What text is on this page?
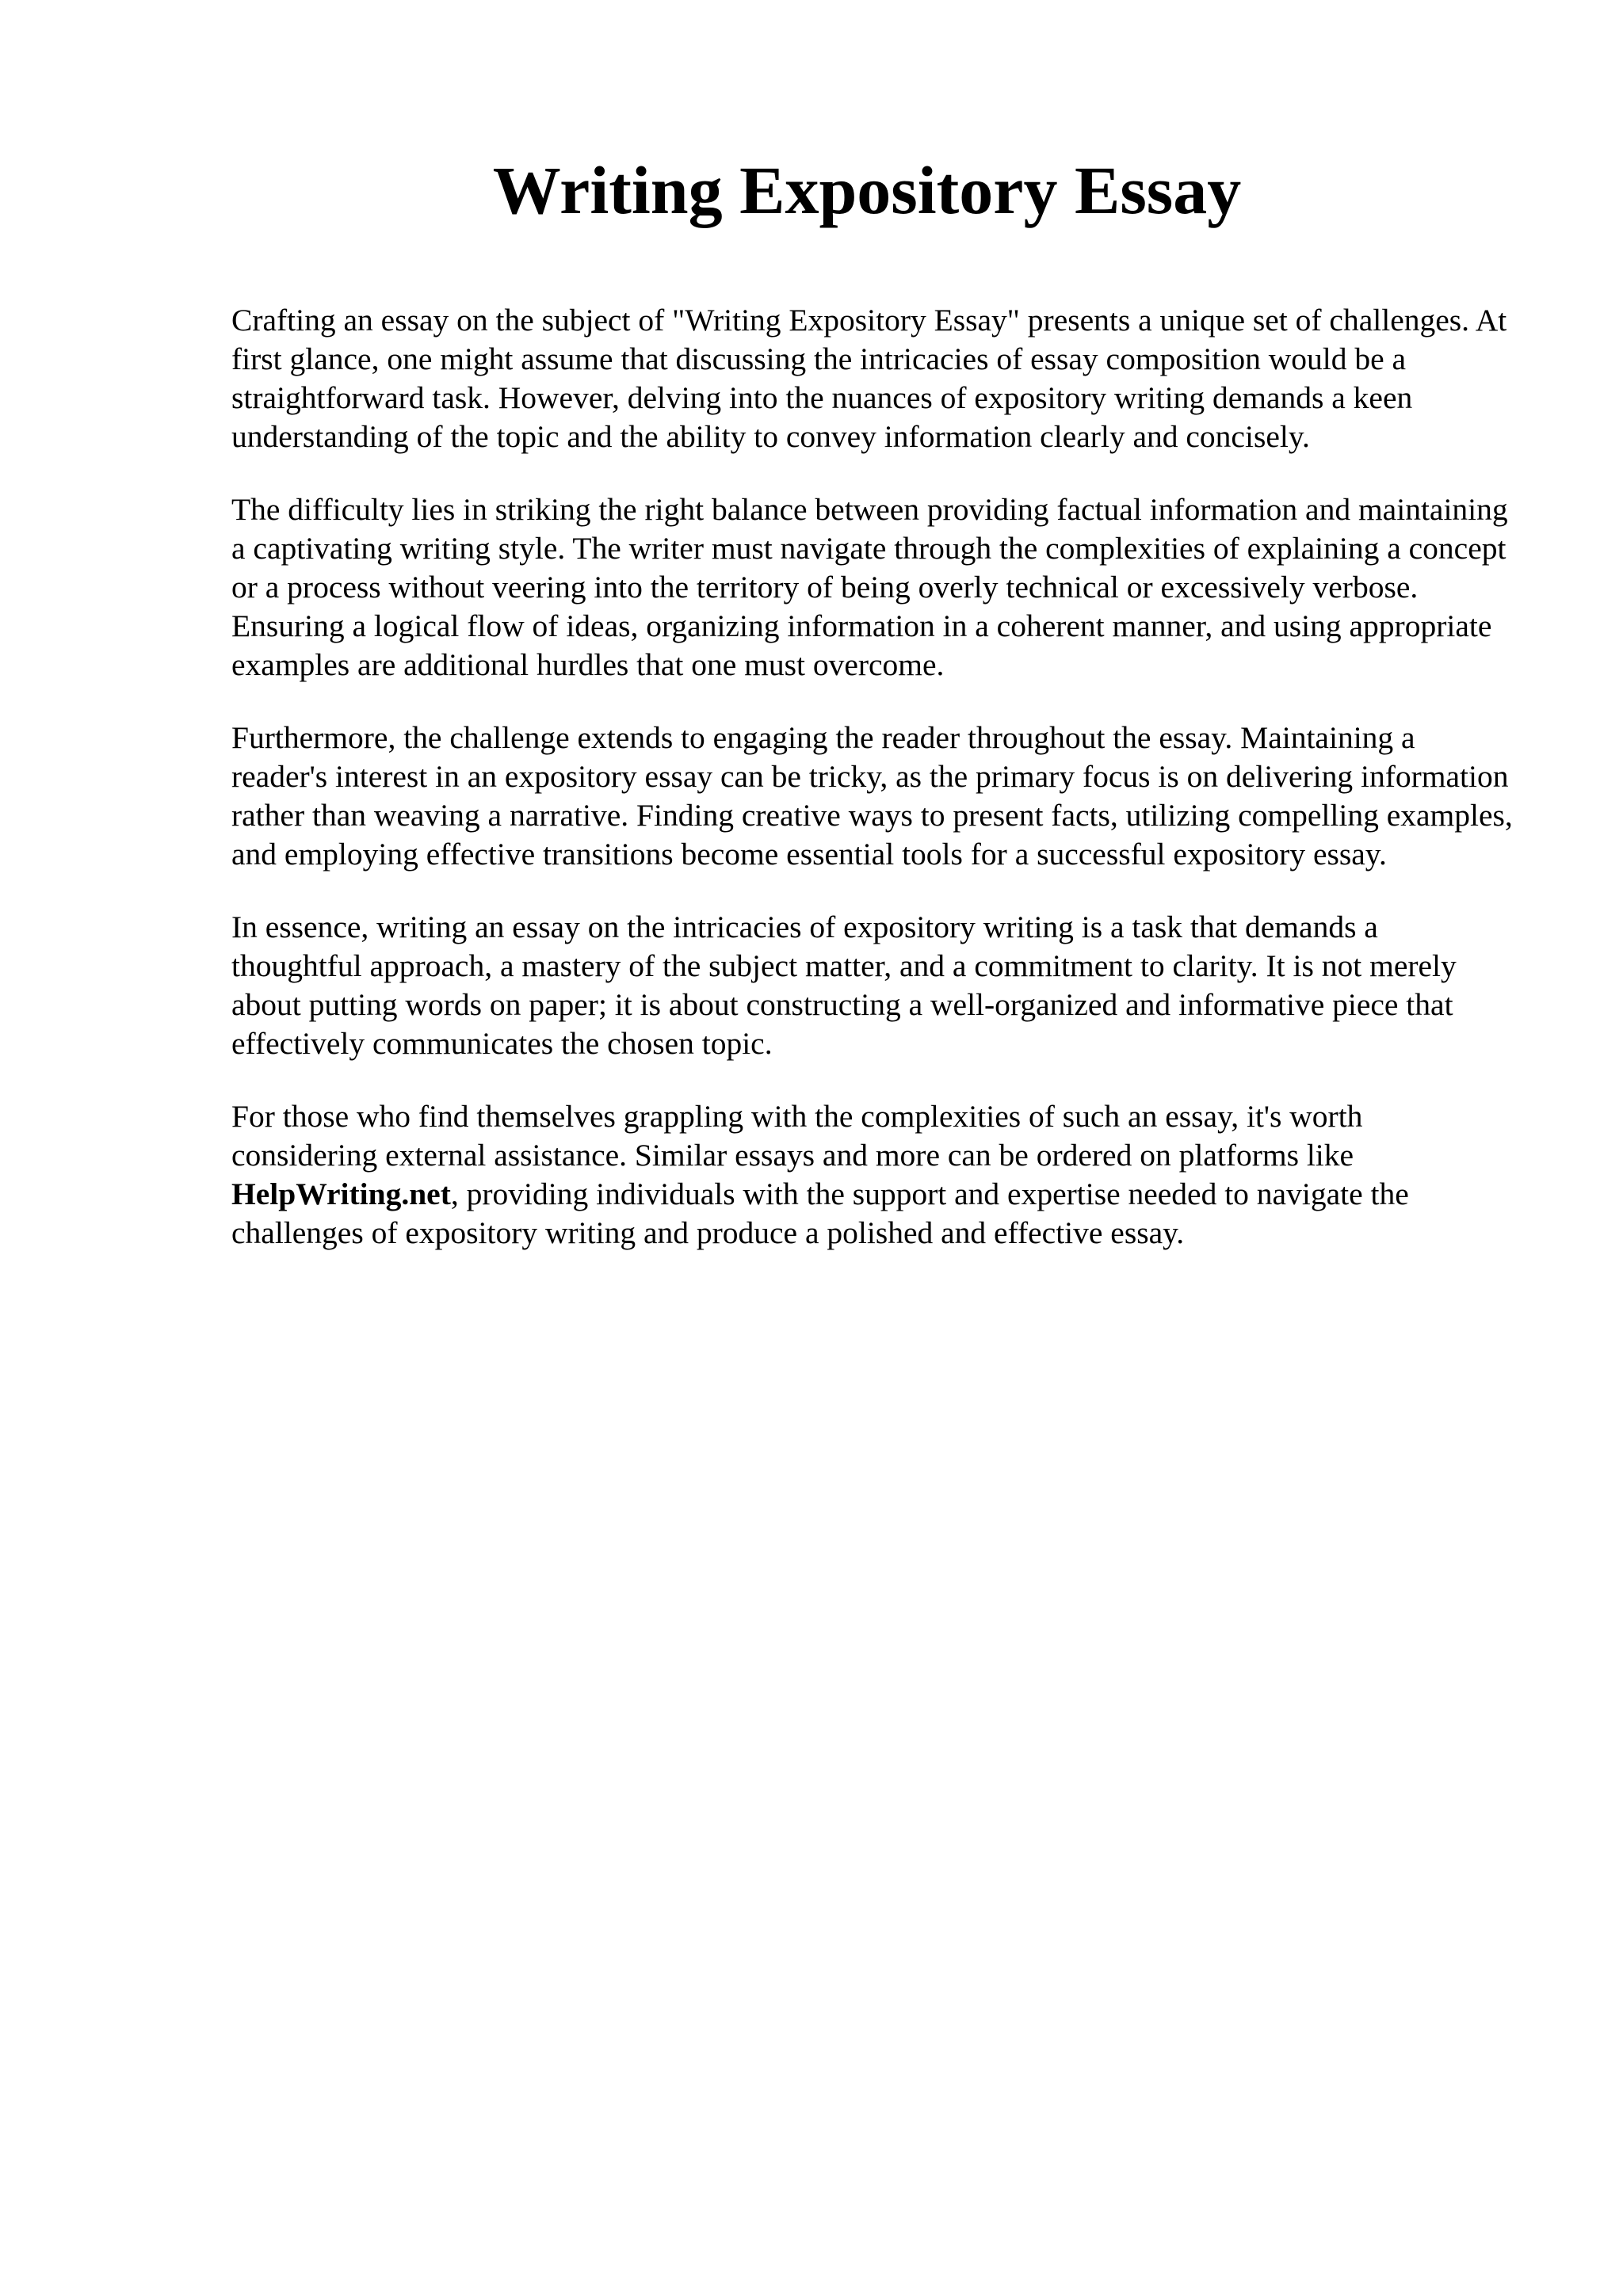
Writing Expository Essay

Crafting an essay on the subject of "Writing Expository Essay" presents a unique set of challenges. At first glance, one might assume that discussing the intricacies of essay composition would be a straightforward task. However, delving into the nuances of expository writing demands a keen understanding of the topic and the ability to convey information clearly and concisely.

The difficulty lies in striking the right balance between providing factual information and maintaining a captivating writing style. The writer must navigate through the complexities of explaining a concept or a process without veering into the territory of being overly technical or excessively verbose. Ensuring a logical flow of ideas, organizing information in a coherent manner, and using appropriate examples are additional hurdles that one must overcome.

Furthermore, the challenge extends to engaging the reader throughout the essay. Maintaining a reader's interest in an expository essay can be tricky, as the primary focus is on delivering information rather than weaving a narrative. Finding creative ways to present facts, utilizing compelling examples, and employing effective transitions become essential tools for a successful expository essay.

In essence, writing an essay on the intricacies of expository writing is a task that demands a thoughtful approach, a mastery of the subject matter, and a commitment to clarity. It is not merely about putting words on paper; it is about constructing a well-organized and informative piece that effectively communicates the chosen topic.

For those who find themselves grappling with the complexities of such an essay, it's worth considering external assistance. Similar essays and more can be ordered on platforms like HelpWriting.net, providing individuals with the support and expertise needed to navigate the challenges of expository writing and produce a polished and effective essay.
